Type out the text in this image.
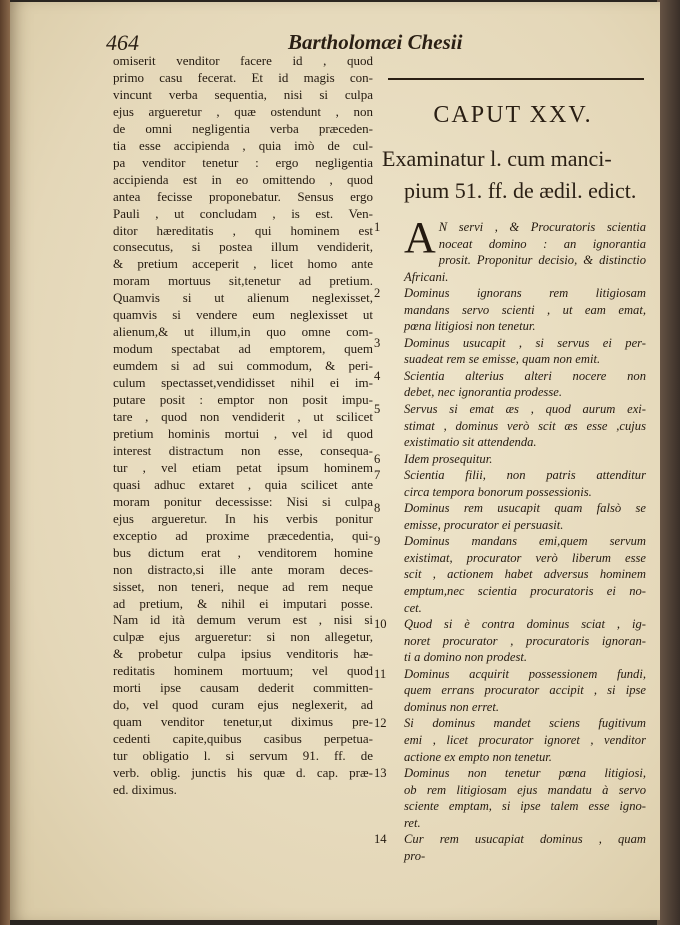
464	Bartholomæi Chesii
omiserit venditor facere id , quod
primo casu fecerat. Et id magis con-
vincunt verba sequentia, nisi si culpa
ejus argueretur , quæ ostendunt , non
de omni negligentia verba præceden-
tia esse accipienda , quia imò de cul-
pa venditor tenetur : ergo negligentia
accipienda est in eo omittendo , quod
antea fecisse proponebatur. Sensus ergo
Pauli , ut concludam , is est. Ven-
ditor hæreditatis , qui hominem est
consecutus, si postea illum vendiderit,
& pretium acceperit , licet homo ante
moram mortuus sit,tenetur ad pretium.
Quamvis si ut alienum neglexisset,
quamvis si vendere eum neglexisset ut
alienum,& ut illum,in quo omne com-
modum spectabat ad emptorem, quem
eumdem si ad sui commodum, & peri-
culum spectasset,vendidisset nihil ei im-
putare posit : emptor non posit impu-
tare , quod non vendiderit , ut scilicet
pretium hominis mortui , vel id quod
interest distractum non esse, consequa-
tur , vel etiam petat ipsum hominem
quasi adhuc extaret , quia scilicet ante
moram ponitur decessisse: Nisi si culpa
ejus argueretur. In his verbis ponitur
exceptio ad proxime præcedentia, qui-
bus dictum erat , venditorem homine
non distracto,si ille ante moram deces-
sisset, non teneri, neque ad rem neque
ad pretium, & nihil ei imputari posse.
Nam id ità demum verum est , nisi si
culpæ ejus argueretur: si non allegetur,
& probetur culpa ipsius venditoris hæ-
reditatis hominem mortuum; vel quod
morti ipse causam dederit committen-
do, vel quod curam ejus neglexerit, ad
quam venditor tenetur,ut diximus pre-
cedenti capite,quibus casibus perpetua-
tur obligatio l. si servum 91. ff. de
verb. oblig. junctis his quæ d. cap. præ-
ed. diximus.
CAPUT XXV.
Examinatur l. cum manci-
pium 51. ff. de ædil. edict.
1 A N servi , & Procuratoris scientia
noceat domino : an ignorantia
prosit. Proponitur decisio, & distinctio
Africani.
2	Dominus ignorans rem litigiosam
mandans servo scienti , ut eam emat,
pœna litigiosi non tenetur.
3	Dominus usucapit , si servus ei per-
suadeat rem se emisse, quam non emit.
4	Scientia alterius alteri nocere non
debet, nec ignorantia prodesse.
5	Servus si emat æs , quod aurum exi-
stimat , dominus verò scit æs esse ,cujus
existimatio sit attendenda.
6	Idem prosequitur.
7	Scientia filii, non patris attenditur
circa tempora bonorum possessionis.
8	Dominus rem usucapit quam falsò se
emisse, procurator ei persuasit.
9	Dominus mandans emi,quem servum
existimat, procurator verò liberum esse
scit , actionem habet adversus hominem
emptum,nec scientia procuratoris ei no-
cet.
10	Quod si è contra dominus sciat , ig-
noret procurator , procuratoris ignoran-
ti a domino non prodest.
11	Dominus acquirit possessionem fundi,
quem errans procurator accipit , si ipse
dominus non erret.
12	Si dominus mandet sciens fugitivum
emi , licet procurator ignoret , venditor
actione ex empto non tenetur.
13	Dominus non tenetur pœna litigiosi,
ob rem litigiosam ejus mandatu à servo
sciente emptam, si ipse talem esse igno-
ret.
14	Cur rem usucapiat dominus , quam
pro-
